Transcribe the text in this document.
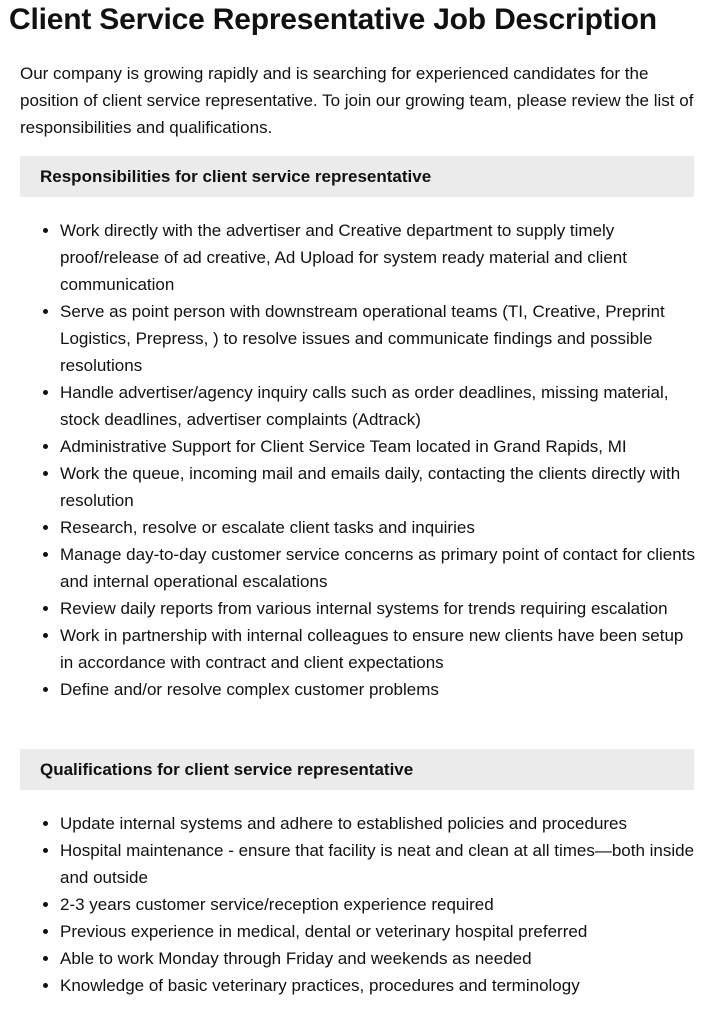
Client Service Representative Job Description

Our company is growing rapidly and is searching for experienced candidates for the position of client service representative. To join our growing team, please review the list of responsibilities and qualifications.

Responsibilities for client service representative
• Work directly with the advertiser and Creative department to supply timely proof/release of ad creative, Ad Upload for system ready material and client communication
• Serve as point person with downstream operational teams (TI, Creative, Preprint Logistics, Prepress, ) to resolve issues and communicate findings and possible resolutions
• Handle advertiser/agency inquiry calls such as order deadlines, missing material, stock deadlines, advertiser complaints (Adtrack)
• Administrative Support for Client Service Team located in Grand Rapids, MI
• Work the queue, incoming mail and emails daily, contacting the clients directly with resolution
• Research, resolve or escalate client tasks and inquiries
• Manage day-to-day customer service concerns as primary point of contact for clients and internal operational escalations
• Review daily reports from various internal systems for trends requiring escalation
• Work in partnership with internal colleagues to ensure new clients have been setup in accordance with contract and client expectations
• Define and/or resolve complex customer problems
Qualifications for client service representative
• Update internal systems and adhere to established policies and procedures
• Hospital maintenance - ensure that facility is neat and clean at all times—both inside and outside
• 2-3 years customer service/reception experience required
• Previous experience in medical, dental or veterinary hospital preferred
• Able to work Monday through Friday and weekends as needed
• Knowledge of basic veterinary practices, procedures and terminology
